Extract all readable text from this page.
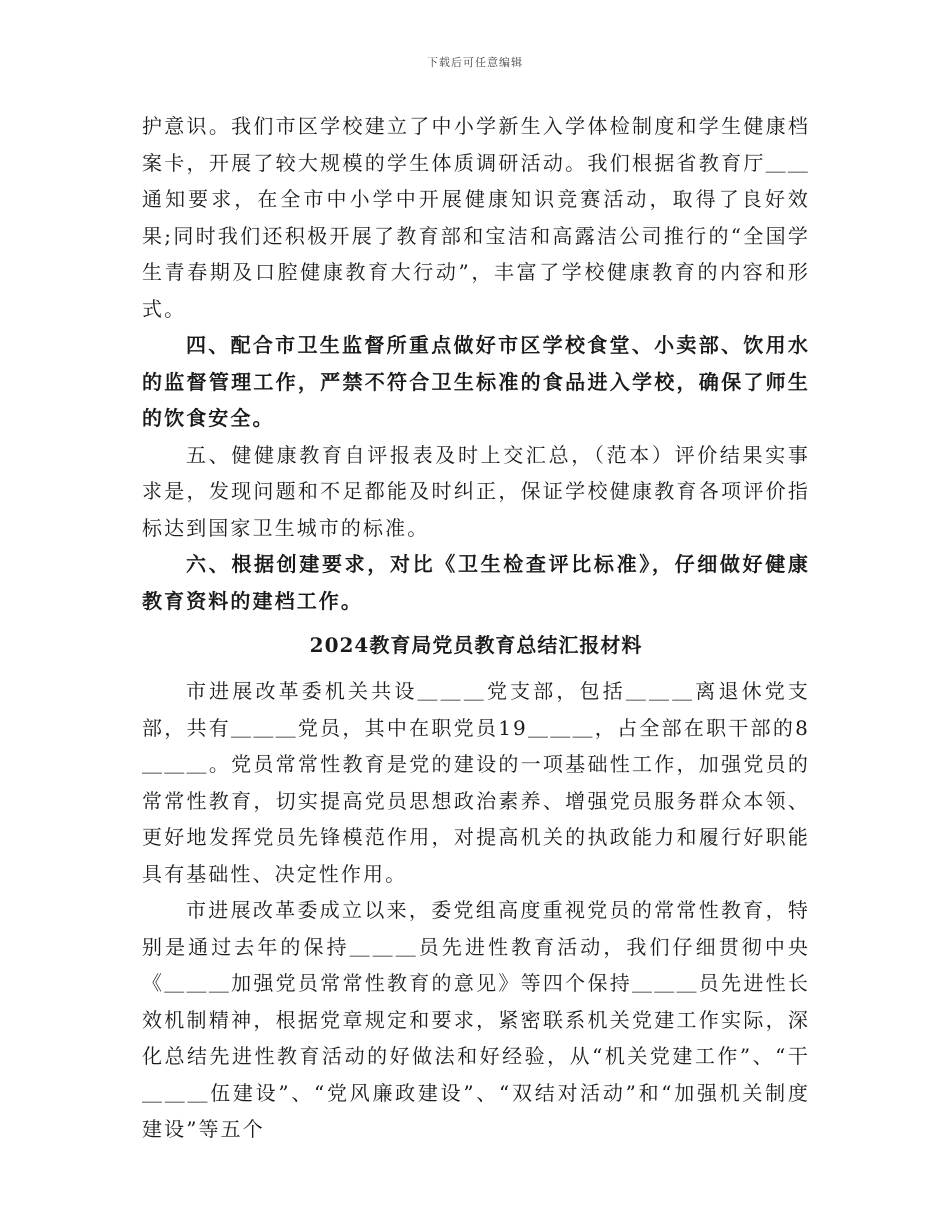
下载后可任意编辑

护意识。我们市区学校建立了中小学新生入学体检制度和学生健康档案卡，开展了较大规模的学生体质调研活动。我们根据省教育厅＿＿通知要求，在全市中小学中开展健康知识竞赛活动，取得了良好效果;同时我们还积极开展了教育部和宝洁和高露洁公司推行的“全国学生青春期及口腔健康教育大行动”，丰富了学校健康教育的内容和形式。

四、配合市卫生监督所重点做好市区学校食堂、小卖部、饮用水的监督管理工作，严禁不符合卫生标准的食品进入学校，确保了师生的饮食安全。

五、健健康教育自评报表及时上交汇总，（范本）评价结果实事求是，发现问题和不足都能及时纠正，保证学校健康教育各项评价指标达到国家卫生城市的标准。

六、根据创建要求，对比《卫生检查评比标准》，仔细做好健康教育资料的建档工作。

2024教育局党员教育总结汇报材料

市进展改革委机关共设＿＿＿党支部，包括＿＿＿离退休党支部，共有＿＿＿党员，其中在职党员19＿＿＿，占全部在职干部的8＿＿＿。党员常常性教育是党的建设的一项基础性工作，加强党员的常常性教育，切实提高党员思想政治素养、增强党员服务群众本领、更好地发挥党员先锋模范作用，对提高机关的执政能力和履行好职能具有基础性、决定性作用。

市进展改革委成立以来，委党组高度重视党员的常常性教育，特别是通过去年的保持＿＿＿员先进性教育活动，我们仔细贯彻中央《＿＿＿加强党员常常性教育的意见》等四个保持＿＿＿员先进性长效机制精神，根据党章规定和要求，紧密联系机关党建工作实际，深化总结先进性教育活动的好做法和好经验，从“机关党建工作”、“干＿＿＿伍建设”、“党风廉政建设”、“双结对活动”和“加强机关制度建设”等五个
